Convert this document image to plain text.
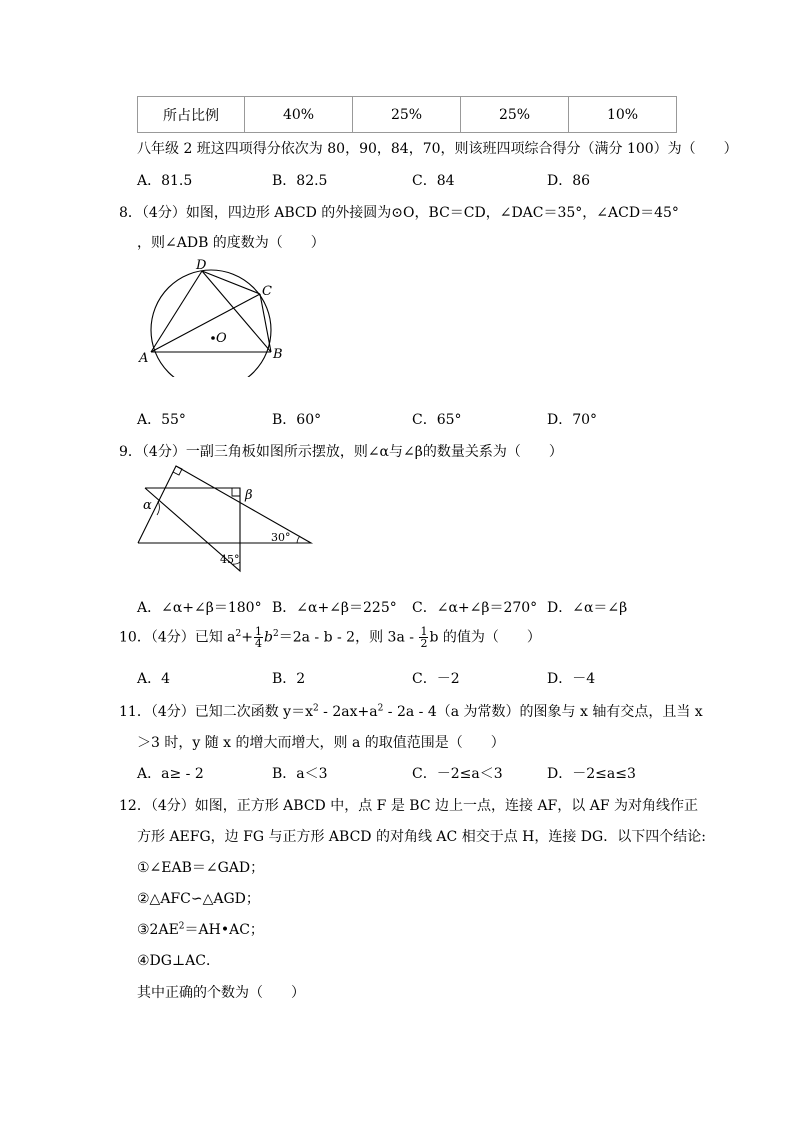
所占比例	40%	25%	25%	10%
八年级 2 班这四项得分依次为 80，90，84，70，则该班四项综合得分（满分 100）为（　　）
A．81.5	B．82.5	C．84	D．86
8．（4分）如图，四边形 ABCD 的外接圆为⊙O，BC＝CD，∠DAC＝35°，∠ACD＝45°
，则∠ADB 的度数为（　　）
A	B
C
D
O
A．55°	B．60°	C．65°	D．70°
9．（4分）一副三角板如图所示摆放，则∠α与∠β的数量关系为（　　）
α
β
30°
45°
A．∠α+∠β＝180° B．∠α+∠β＝225° C．∠α+∠β＝270° D．∠α＝∠β
10．（4分）已知 $a^2+ \frac{1}{4} b^2=2a - b - 2$，则 $3a - \frac{1}{2}$ b 的值为（　　）
A．4	B．2	C．－2	D．－4
11．（4分）已知二次函数 $y=x^2 - 2ax+a^2 - 2a - 4(a$ 为常数）的图象与 x 轴有交点，且当 x
＞3 时，y 随 x 的增大而增大，则 a 的取值范围是（　　）
A．a≥ - 2	B．a＜3	C．－2≤a＜3	D．－2≤a≤3
12．（4分）如图，正方形 ABCD 中，点 F 是 BC 边上一点，连接 AF，以 AF 为对角线作正
方形 AEFG，边 FG 与正方形 ABCD 的对角线 AC 相交于点 H，连接 DG．以下四个结论:
①∠EAB＝∠GAD；
②△AFC∽△AGD；
$③2AE^2=AH•AC$；
④DG⊥AC．
其中正确的个数为（　　）
